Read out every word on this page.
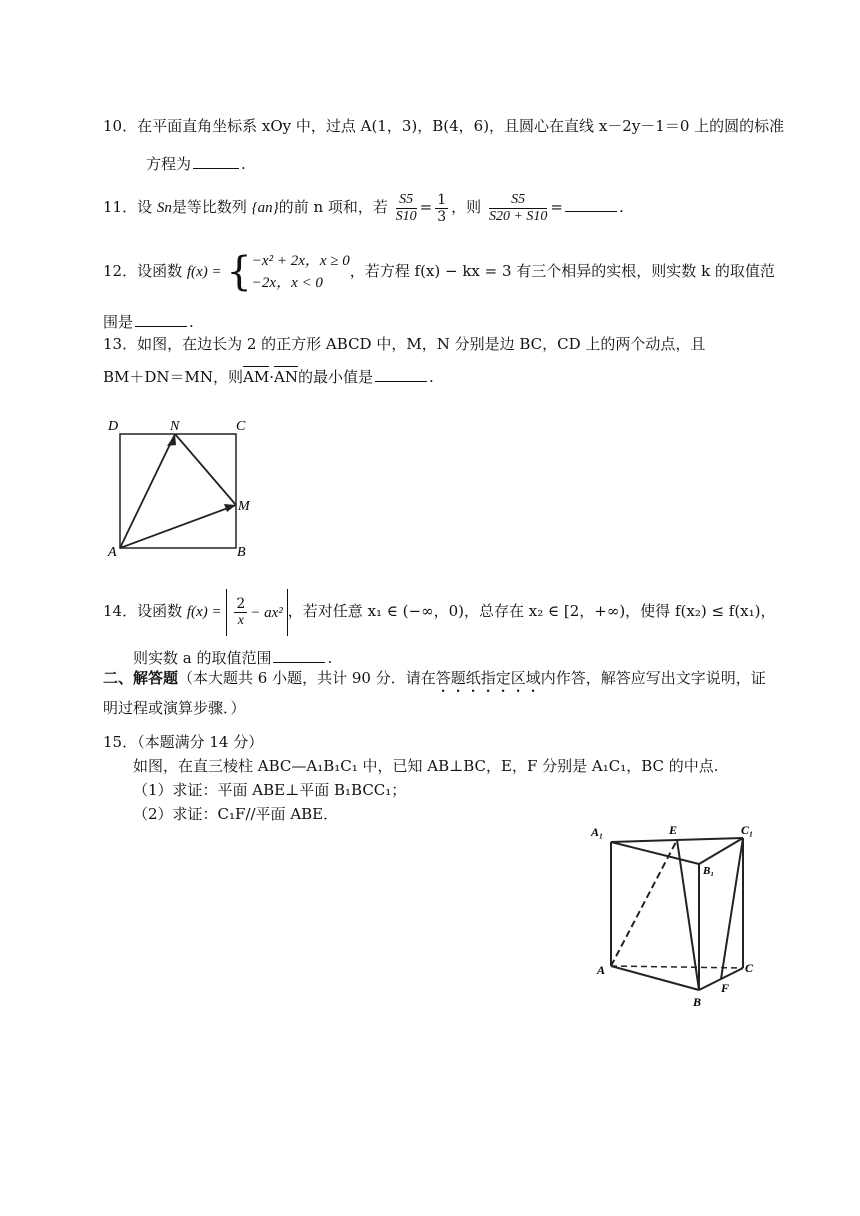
10．在平面直角坐标系 xOy 中，过点 A(1，3)，B(4，6)，且圆心在直线 x－2y－1＝0 上的圆的标准
方程为	.
11．设 Sn是等比数列 {an}的前 n 项和，若 $\frac{S5}{S10} = \frac{1}{3}$ ，则 $\frac{S5}{S20 + S10}$ =	.
12．设函数 f(x) = { −x² + 2x，x ≥ 0
−2x，x < 0
，若方程 f(x) − kx = 3 有三个相异的实根，则实数 k 的取值范
围是	.
13．如图，在边长为 2 的正方形 ABCD 中，M，N 分别是边 BC，CD 上的两个动点，且
BM＋DN＝MN，则AM·AN的最小值是	.
D	N	C
M
A	B
14．设函数 $f(x) = \frac{2}{x} - ax^2$ ，若对任意 x₁ ∈ (−∞，0)，总存在 x₂ ∈ [2，+∞)，使得 f(x₂) ≤ f(x₁)，
则实数 a 的取值范围	.
二、解答题（本大题共 6 小题，共计 90 分．请在答题纸指定区域内作答，解答应写出文字说明，证
明过程或演算步骤．）
15．（本题满分 14 分）
如图，在直三棱柱 ABC—A₁B₁C₁ 中，已知 AB⊥BC，E，F 分别是 A₁C₁，BC 的中点.
（1）求证：平面 ABE⊥平面 B₁BCC₁；
（2）求证：C₁F//平面 ABE．
A₁	E	C₁
B₁
A	C
B
F
